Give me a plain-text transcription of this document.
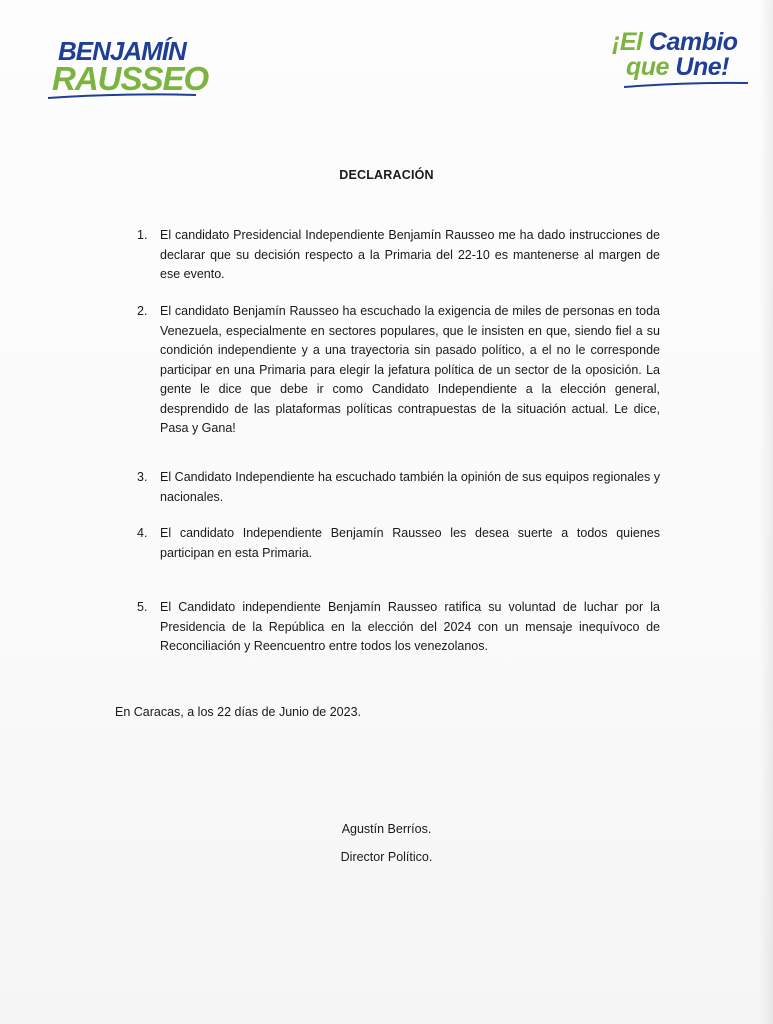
BENJAMÍN
RAUSSEO
¡El Cambio
que Une!
DECLARACIÓN
1. El candidato Presidencial Independiente Benjamín Rausseo me ha dado instrucciones de declarar que su decisión respecto a la Primaria del 22-10 es mantenerse al margen de ese evento.
2. El candidato Benjamín Rausseo ha escuchado la exigencia de miles de personas en toda Venezuela, especialmente en sectores populares, que le insisten en que, siendo fiel a su condición independiente y a una trayectoria sin pasado político, a el no le corresponde participar en una Primaria para elegir la jefatura política de un sector de la oposición. La gente le dice que debe ir como Candidato Independiente a la elección general, desprendido de las plataformas políticas contrapuestas de la situación actual. Le dice, Pasa y Gana!
3. El Candidato Independiente ha escuchado también la opinión de sus equipos regionales y nacionales.
4. El candidato Independiente Benjamín Rausseo les desea suerte a todos quienes participan en esta Primaria.
5. El Candidato independiente Benjamín Rausseo ratifica su voluntad de luchar por la Presidencia de la República en la elección del 2024 con un mensaje inequívoco de Reconciliación y Reencuentro entre todos los venezolanos.
En Caracas, a los 22 días de Junio de 2023.
Agustín Berríos.
Director Político.
